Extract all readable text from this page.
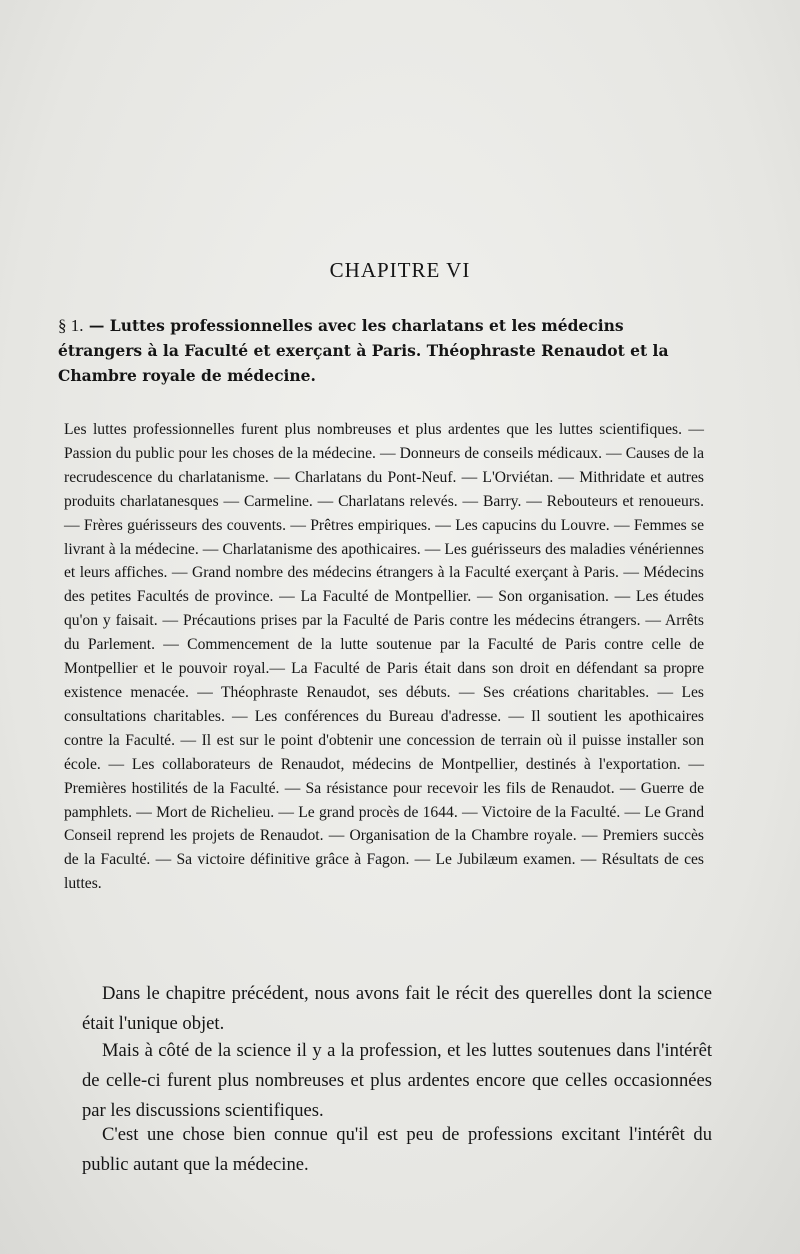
CHAPITRE VI
§ 1. — Luttes professionnelles avec les charlatans et les médecins étrangers à la Faculté et exerçant à Paris. Théophraste Renaudot et la Chambre royale de médecine.
Les luttes professionnelles furent plus nombreuses et plus ardentes que les luttes scientifiques. — Passion du public pour les choses de la médecine. — Donneurs de conseils médicaux. — Causes de la recrudescence du charlatanisme. — Charlatans du Pont-Neuf. — L'Orviétan. — Mithridate et autres produits charlatanesques — Carmeline. — Charlatans relevés. — Barry. — Rebouteurs et renoueurs. — Frères guérisseurs des couvents. — Prêtres empiriques. — Les capucins du Louvre. — Femmes se livrant à la médecine. — Charlatanisme des apothicaires. — Les guérisseurs des maladies vénériennes et leurs affiches. — Grand nombre des médecins étrangers à la Faculté exerçant à Paris. — Médecins des petites Facultés de province. — La Faculté de Montpellier. — Son organisation. — Les études qu'on y faisait. — Précautions prises par la Faculté de Paris contre les médecins étrangers. — Arrêts du Parlement. — Commencement de la lutte soutenue par la Faculté de Paris contre celle de Montpellier et le pouvoir royal.— La Faculté de Paris était dans son droit en défendant sa propre existence menacée. — Théophraste Renaudot, ses débuts. — Ses créations charitables. — Les consultations charitables. — Les conférences du Bureau d'adresse. — Il soutient les apothicaires contre la Faculté. — Il est sur le point d'obtenir une concession de terrain où il puisse installer son école. — Les collaborateurs de Renaudot, médecins de Montpellier, destinés à l'exportation. — Premières hostilités de la Faculté. — Sa résistance pour recevoir les fils de Renaudot. — Guerre de pamphlets. — Mort de Richelieu. — Le grand procès de 1644. — Victoire de la Faculté. — Le Grand Conseil reprend les projets de Renaudot. — Organisation de la Chambre royale. — Premiers succès de la Faculté. — Sa victoire définitive grâce à Fagon. — Le Jubilæum examen. — Résultats de ces luttes.

Dans le chapitre précédent, nous avons fait le récit des querelles dont la science était l'unique objet.

Mais à côté de la science il y a la profession, et les luttes soutenues dans l'intérêt de celle-ci furent plus nombreuses et plus ardentes encore que celles occasionnées par les discussions scientifiques.

C'est une chose bien connue qu'il est peu de professions excitant l'intérêt du public autant que la médecine.
